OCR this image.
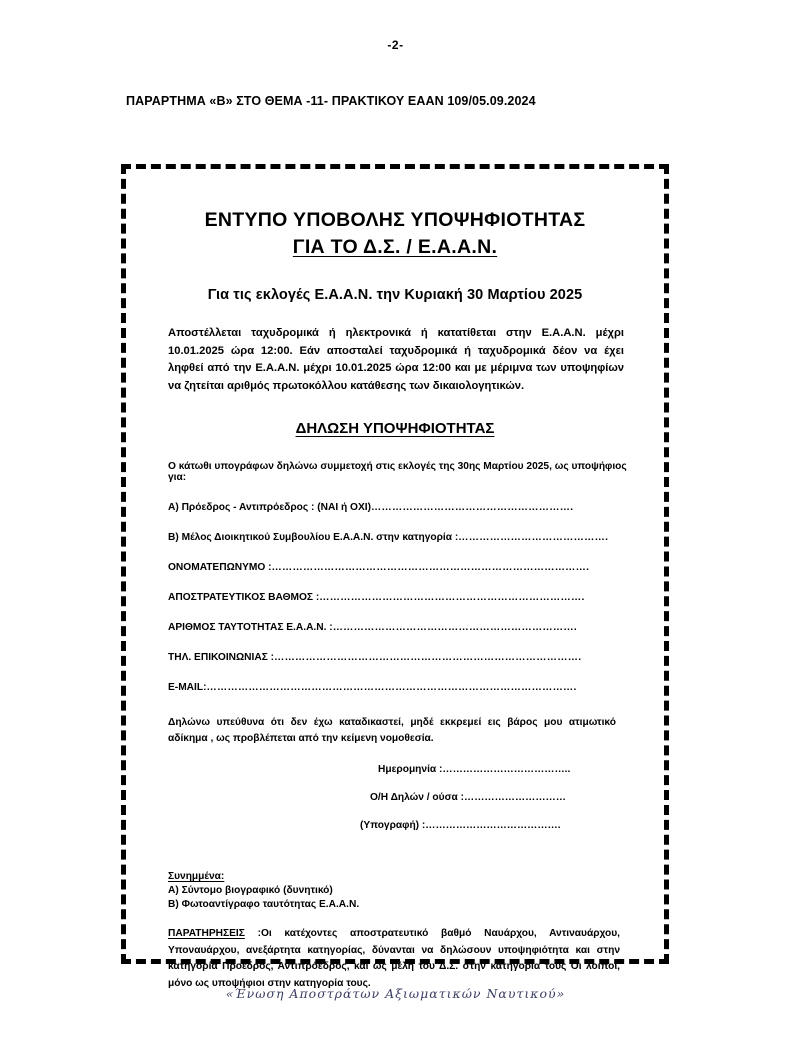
-2-
ΠΑΡΑΡΤΗΜΑ «Β» ΣΤΟ ΘΕΜΑ -11- ΠΡΑΚΤΙΚΟΥ ΕΑΑΝ 109/05.09.2024
ΕΝΤΥΠΟ ΥΠΟΒΟΛΗΣ ΥΠΟΨΗΦΙΟΤΗΤΑΣ
ΓΙΑ ΤΟ Δ.Σ. / Ε.Α.Α.Ν.
Για τις εκλογές Ε.Α.Α.Ν. την Κυριακή 30 Μαρτίου 2025
Αποστέλλεται ταχυδρομικά ή ηλεκτρονικά ή κατατίθεται στην Ε.Α.Α.Ν. μέχρι 10.01.2025 ώρα 12:00. Εάν αποσταλεί ταχυδρομικά ή ταχυδρομικά δέον να έχει ληφθεί από την Ε.Α.Α.Ν. μέχρι 10.01.2025 ώρα 12:00 και με μέριμνα των υποψηφίων να ζητείται αριθμός πρωτοκόλλου κατάθεσης των δικαιολογητικών.
ΔΗΛΩΣΗ ΥΠΟΨΗΦΙΟΤΗΤΑΣ
Ο κάτωθι υπογράφων δηλώνω συμμετοχή στις εκλογές της 30ης Μαρτίου 2025, ως υποψήφιος για:
Α) Πρόεδρος - Αντιπρόεδρος : (ΝΑΙ ή ΟΧΙ)………………………………………………….
Β) Μέλος Διοικητικού Συμβουλίου Ε.Α.Α.Ν. στην κατηγορία :…………………………………….
ΟΝΟΜΑΤΕΠΩΝΥΜΟ :……………………………………………………………………………….
ΑΠΟΣΤΡΑΤΕΥΤΙΚΟΣ ΒΑΘΜΟΣ :………………………………………………………………….
ΑΡΙΘΜΟΣ ΤΑΥΤΟΤΗΤΑΣ Ε.Α.Α.Ν. :…………………………………………………………….
ΤΗΛ. ΕΠΙΚΟΙΝΩΝΙΑΣ :…………………………………………………………………………….
E-MAIL:…………………………………………………………………………………………….
Δηλώνω υπεύθυνα ότι δεν έχω καταδικαστεί, μηδέ εκκρεμεί εις βάρος μου ατιμωτικό αδίκημα , ως προβλέπεται από την κείμενη νομοθεσία.
Ημερομηνία :………………………………..
Ο/Η Δηλών / ούσα :…………………………
(Υπογραφή) :………………………………….
Συνημμένα:
Α) Σύντομο βιογραφικό (δυνητικό)
Β) Φωτοαντίγραφο ταυτότητας Ε.Α.Α.Ν.
ΠΑΡΑΤΗΡΗΣΕΙΣ :Οι κατέχοντες αποστρατευτικό βαθμό Ναυάρχου, Αντιναυάρχου, Υποναυάρχου, ανεξάρτητα κατηγορίας, δύνανται να δηλώσουν υποψηφιότητα και στην κατηγορία Προέδρος, Αντιπρόεδρος, και ως μέλη του Δ.Σ. στην κατηγορία τους Οι λοιποί, μόνο ως υποψήφιοι στην κατηγορία τους.
«Ένωση Αποστράτων Αξιωματικών Ναυτικού»
